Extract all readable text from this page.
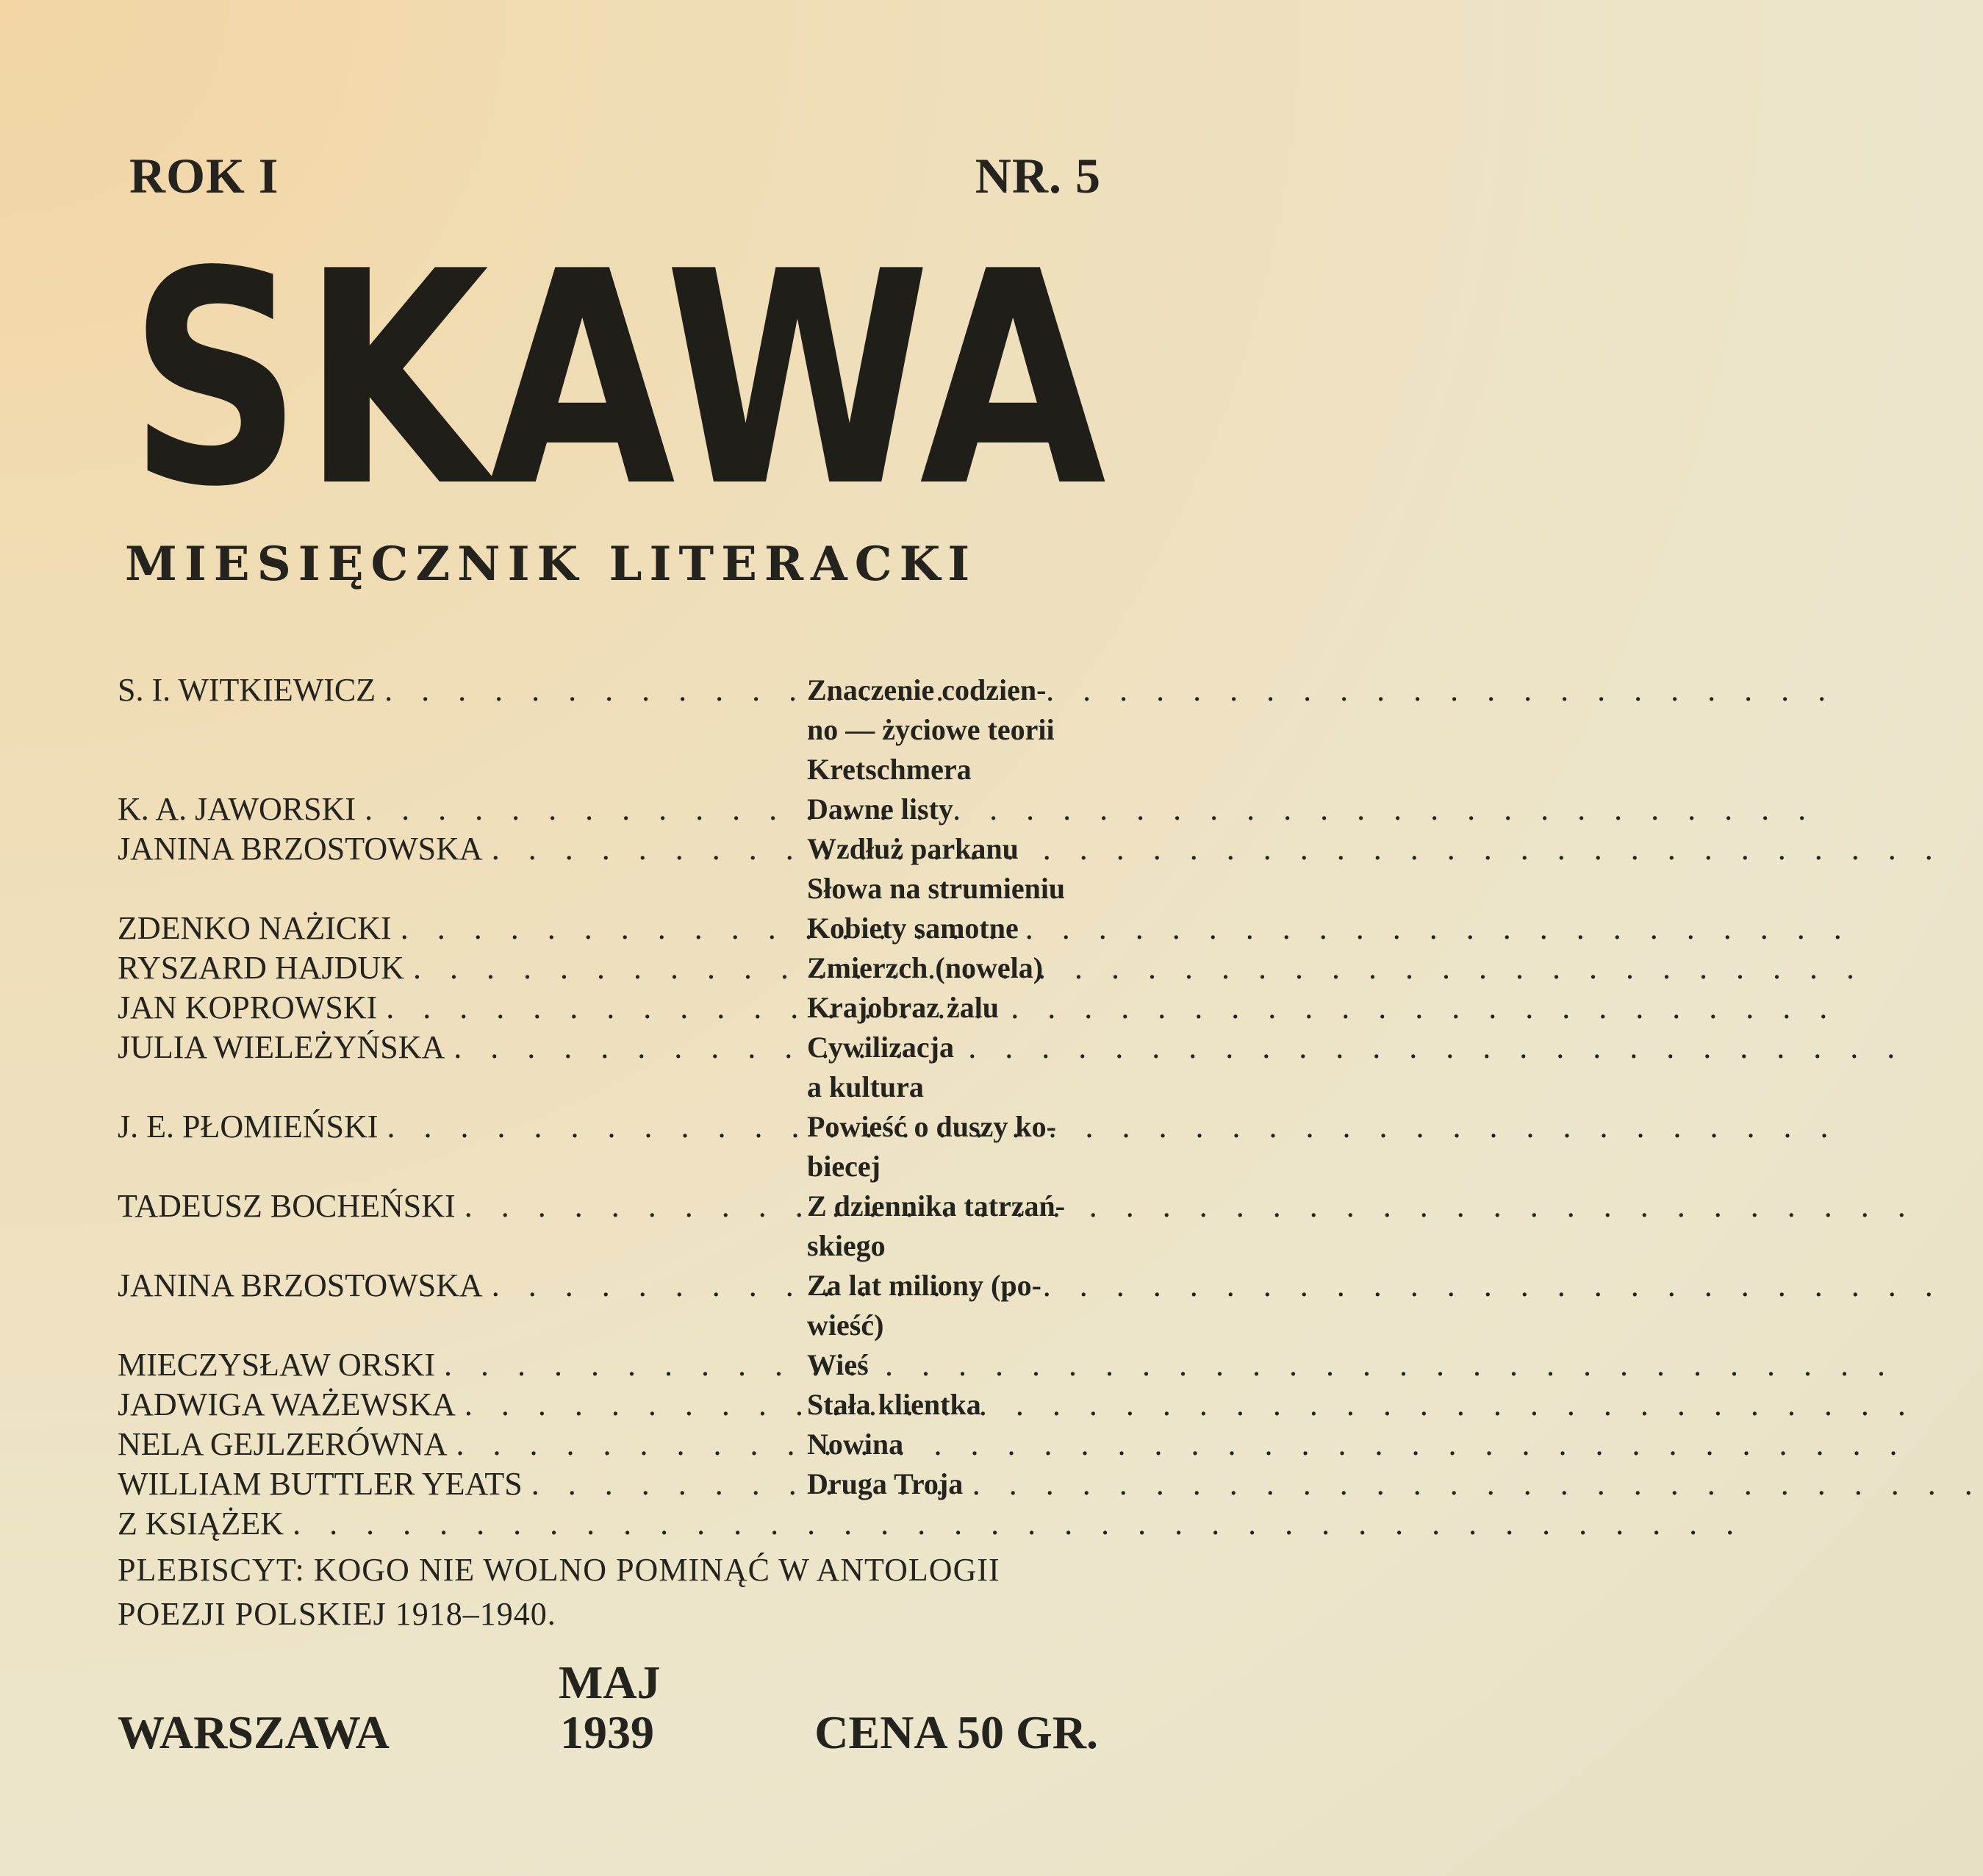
ROK I	NR. 5
SKAWA
MIESIĘCZNIK LITERACKI
S. I. WITKIEWICZ . . .	Znaczenie codzien-
no — życiowe teorii
Kretschmera
K. A. JAWORSKI . . .	Dawne listy
JANINA BRZOSTOWSKA . . .	Wzdłuż parkanu
Słowa na strumieniu
ZDENKO NAŻICKI . . .	Kobiety samotne
RYSZARD HAJDUK . . .	Zmierzch (nowela)
JAN KOPROWSKI . . .	Krajobraz żalu
JULIA WIELEŻYŃSKA . . .	Cywilizacja
a kultura
J. E. PŁOMIEŃSKI . . .	Powieść o duszy ko-
biecej
TADEUSZ BOCHEŃSKI . . .	Z dziennika tatrzań-
skiego
JANINA BRZOSTOWSKA . . .	Za lat miliony (po-
wieść)
MIECZYSŁAW ORSKI . . .	Wieś
JADWIGA WAŻEWSKA . . .	Stała klientka
NELA GEJLZERÓWNA . . .	Nowina
WILLIAM BUTTLER YEATS . . .	Druga Troja
Z KSIĄŻEK
. . .
PLEBISCYT: KOGO NIE WOLNO POMINĄĆ W ANTOLOGII POEZJI POLSKIEJ 1918–1940.
WARSZAWA
MAJ
1939	CENA 50 GR.
